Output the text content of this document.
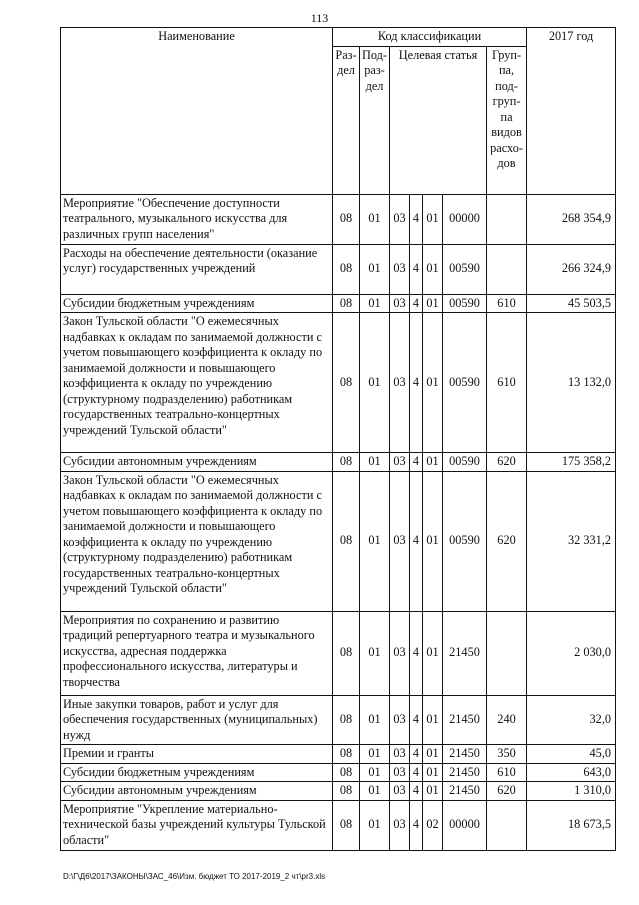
113
Наименование	Код классификации							2017 год
	Раз- дел	Под- раз- дел	Целевая статья				Груп- па, под- груп- па видов расхо- дов	
Мероприятие "Обеспечение доступности театрального, музыкального искусства для различных групп населения"	08	01	03	4	01	00000		268 354,9
Расходы на обеспечение деятельности (оказание услуг) государственных учреждений	08	01	03	4	01	00590		266 324,9
Субсидии бюджетным учреждениям	08	01	03	4	01	00590	610	45 503,5
Закон Тульской области "О ежемесячных надбавках к окладам по занимаемой должности с учетом повышающего коэффициента к окладу по занимаемой должности и повышающего коэффициента к окладу по учреждению (структурному подразделению) работникам государственных театрально-концертных учреждений Тульской области"	08	01	03	4	01	00590	610	13 132,0
Субсидии автономным учреждениям	08	01	03	4	01	00590	620	175 358,2
Закон Тульской области "О ежемесячных надбавках к окладам по занимаемой должности с учетом повышающего коэффициента к окладу по занимаемой должности и повышающего коэффициента к окладу по учреждению (структурному подразделению) работникам государственных театрально-концертных учреждений Тульской области"	08	01	03	4	01	00590	620	32 331,2
Мероприятия по сохранению и развитию традиций репертуарного театра и музыкального искусства, адресная поддержка профессионального искусства, литературы и творчества	08	01	03	4	01	21450		2 030,0
Иные закупки товаров, работ и услуг для обеспечения государственных (муниципальных) нужд	08	01	03	4	01	21450	240	32,0
Премии и гранты	08	01	03	4	01	21450	350	45,0
Субсидии бюджетным учреждениям	08	01	03	4	01	21450	610	643,0
Субсидии автономным учреждениям	08	01	03	4	01	21450	620	1 310,0
Мероприятие "Укрепление материально-технической базы учреждений культуры Тульской области"	08	01	03	4	02	00000		18 673,5
D:\Г\Д6\2017\ЗАКОНЫ\ЗАС_46\Изм. бюджет ТО 2017-2019_2 чт\pr3.xls
